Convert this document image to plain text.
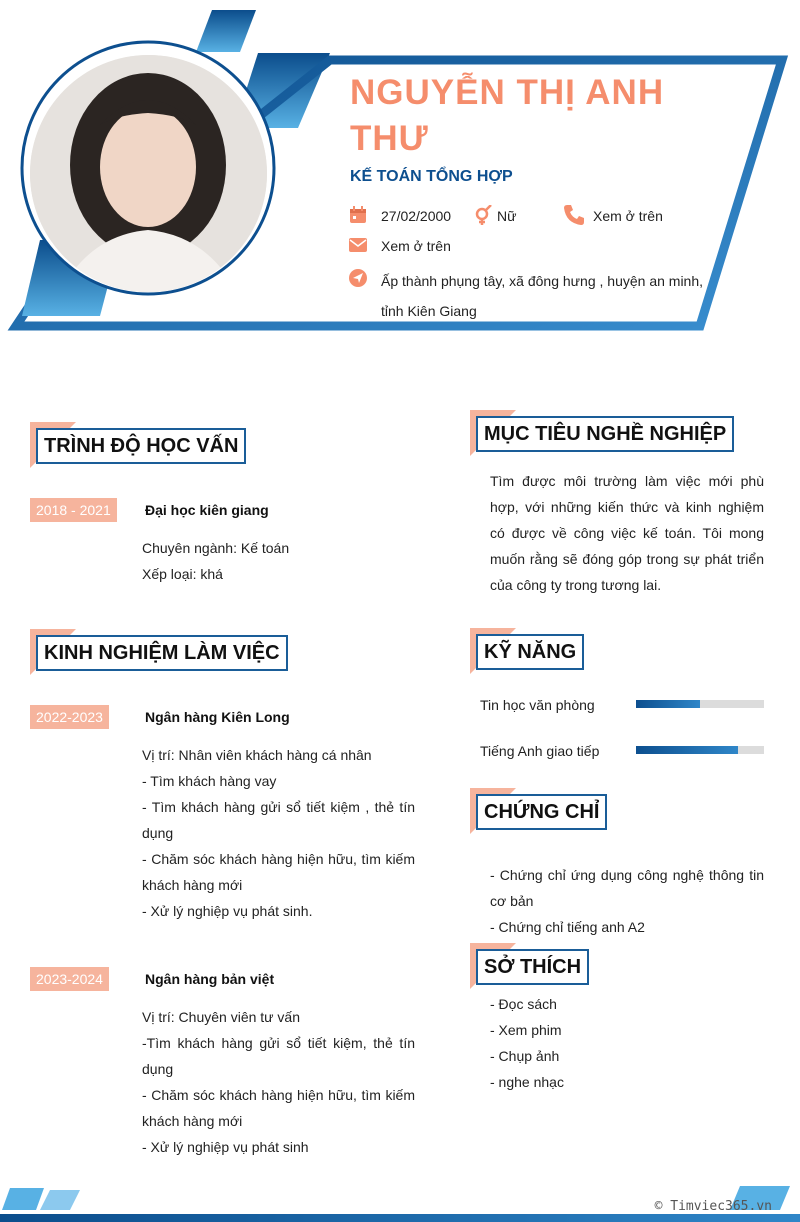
NGUYỄN THỊ ANH THƯ
KẾ TOÁN TỔNG HỢP
27/02/2000	Nữ	Xem ở trên
Xem ở trên
Ấp thành phụng tây, xã đông hưng , huyện an minh, tỉnh Kiên Giang
TRÌNH ĐỘ HỌC VẤN
2018 - 2021	Đại học kiên giang
Chuyên ngành: Kế toán
Xếp loại: khá
KINH NGHIỆM LÀM VIỆC
2022-2023	Ngân hàng Kiên Long
Vị trí: Nhân viên khách hàng cá nhân
- Tìm khách hàng vay
- Tìm khách hàng gửi sổ tiết kiệm , thẻ tín dụng
- Chăm sóc khách hàng hiện hữu, tìm kiếm khách hàng mới
- Xử lý nghiệp vụ phát sinh.
2023-2024	Ngân hàng bản việt
Vị trí: Chuyên viên tư vấn
-Tìm khách hàng gửi sổ tiết kiệm, thẻ tín dụng
- Chăm sóc khách hàng hiện hữu, tìm kiếm khách hàng mới
- Xử lý nghiệp vụ phát sinh
MỤC TIÊU NGHỀ NGHIỆP
Tìm được môi trường làm việc mới phù hợp, với những kiến thức và kinh nghiệm có được về công việc kế toán. Tôi mong muốn rằng sẽ đóng góp trong sự phát triển của công ty trong tương lai.
KỸ NĂNG
Tin học văn phòng
Tiếng Anh giao tiếp
CHỨNG CHỈ
- Chứng chỉ ứng dụng công nghệ thông tin cơ bản
- Chứng chỉ tiếng anh A2
SỞ THÍCH
- Đọc sách
- Xem phim
- Chụp ảnh
- nghe nhạc
© Timviec365.vn
